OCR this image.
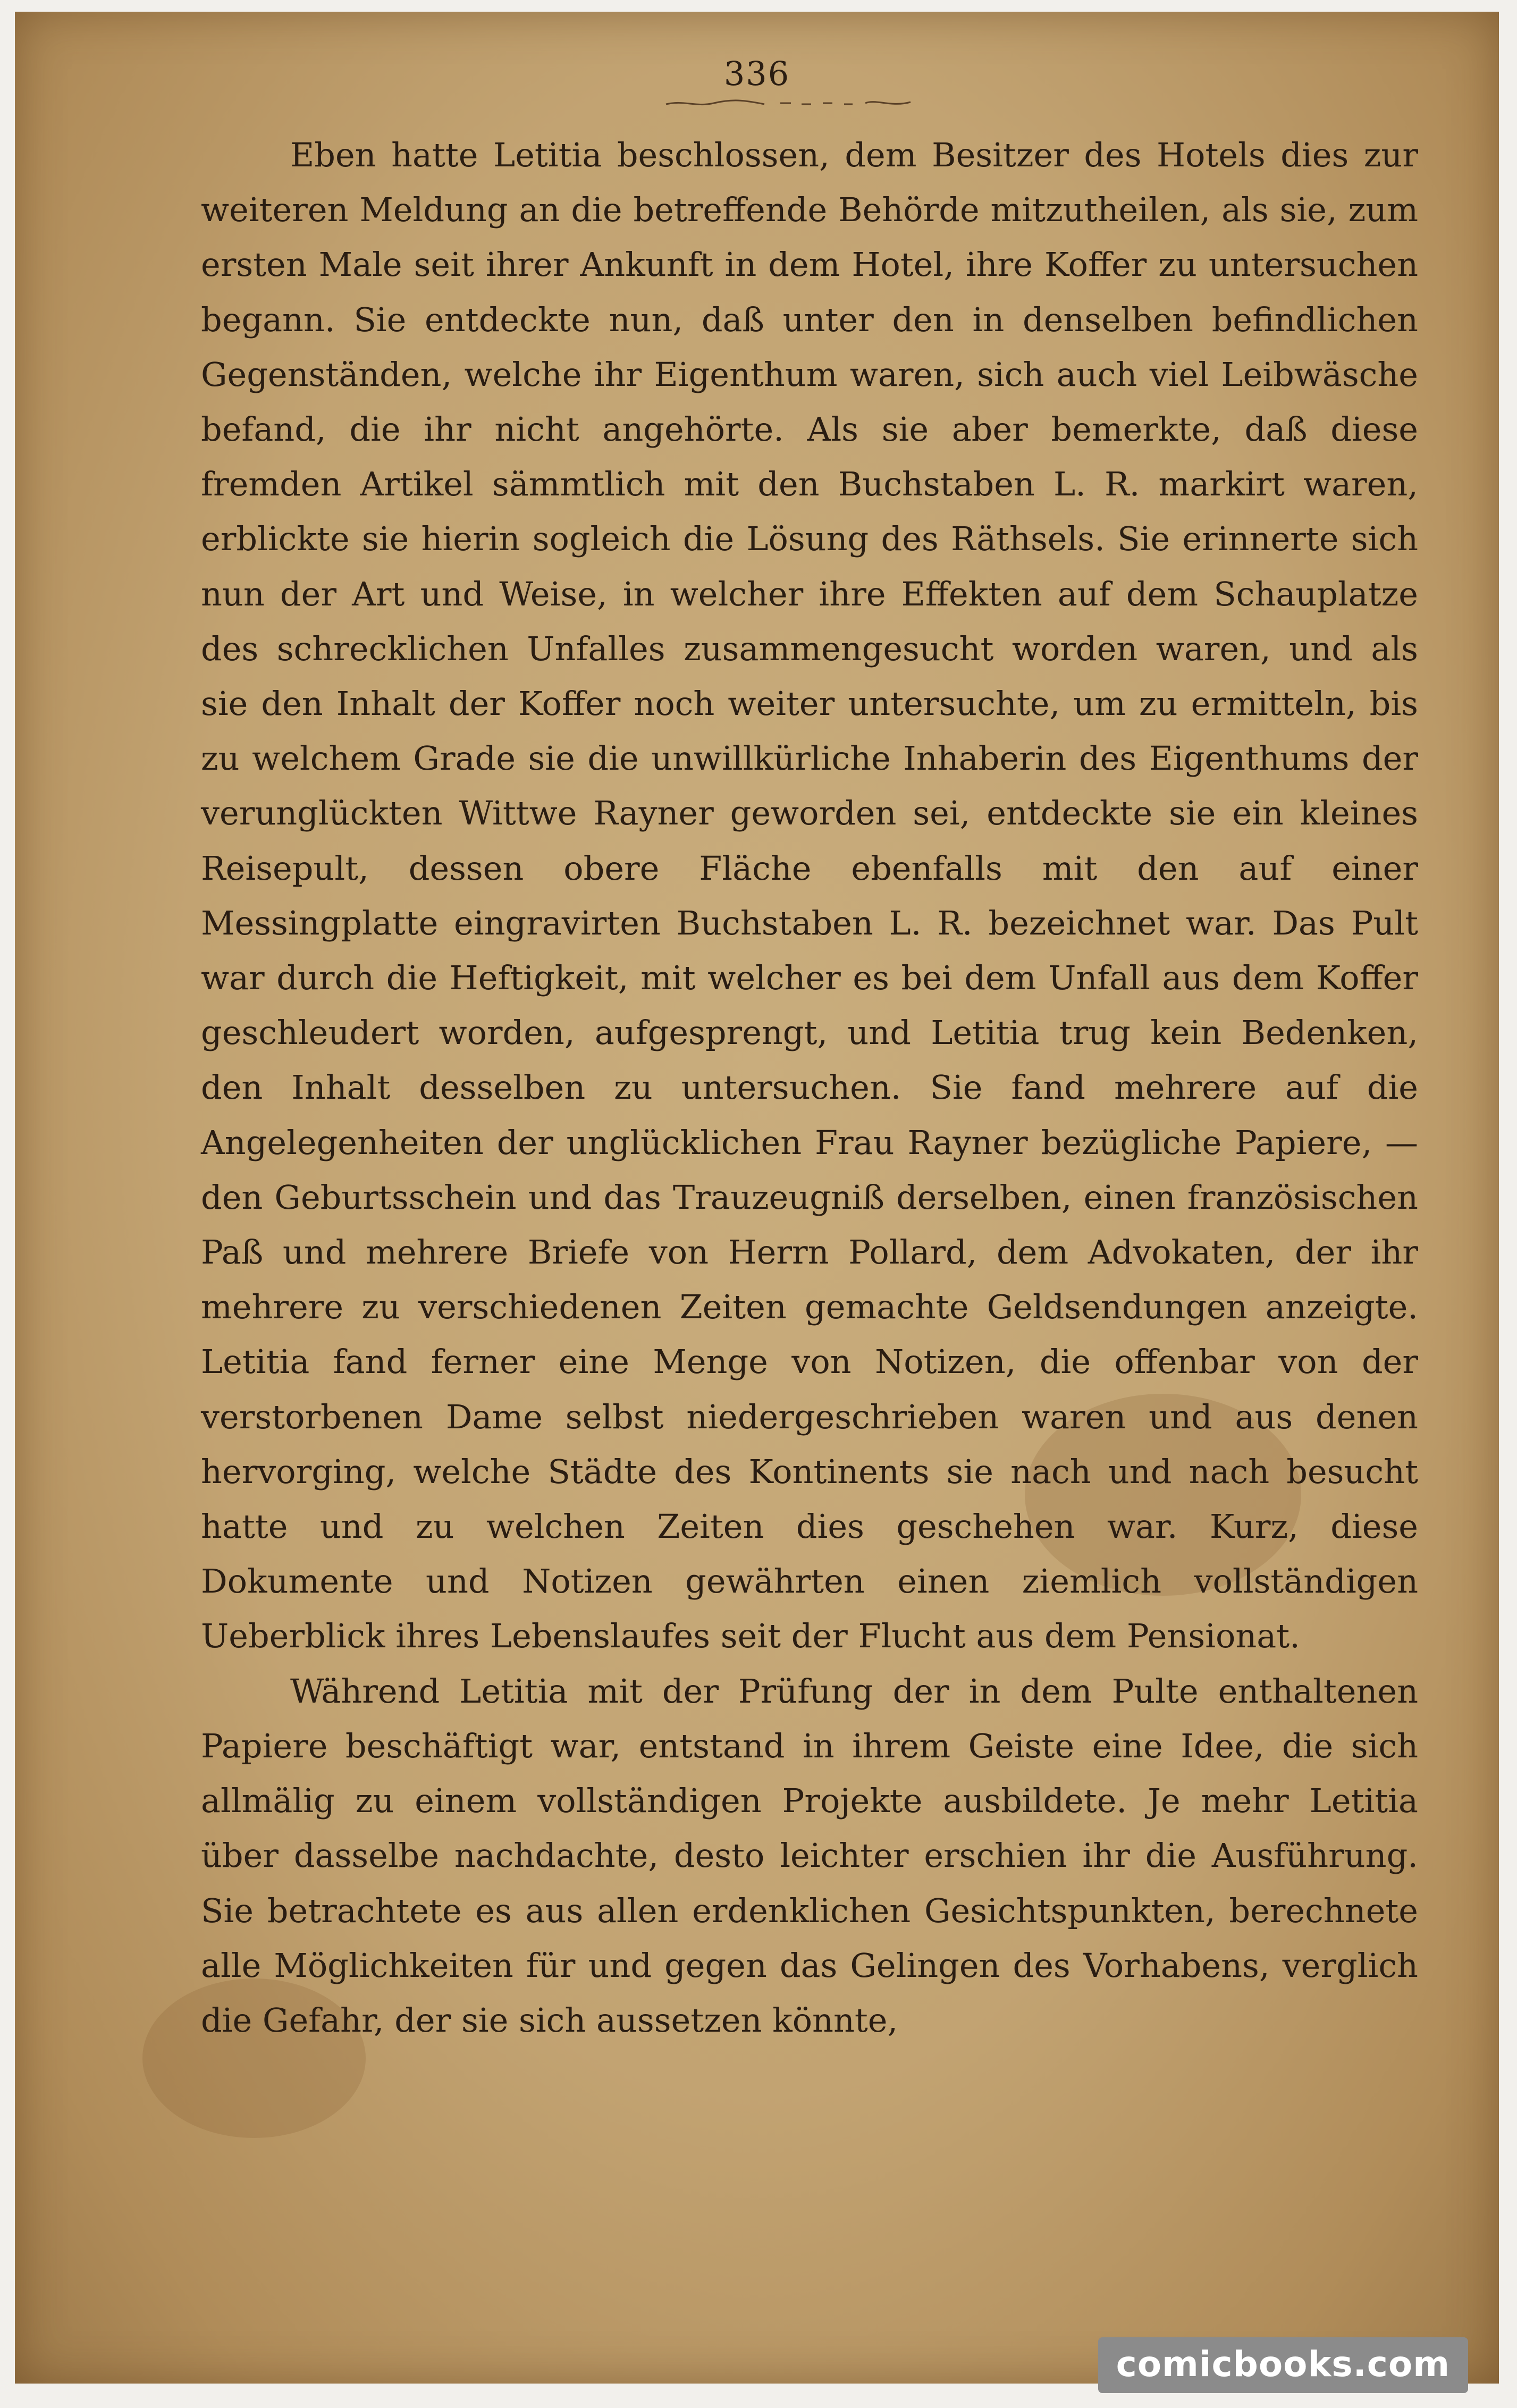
336

Eben hatte Letitia beschlossen, dem Besitzer des Hotels dies zur weiteren Meldung an die betreffende Behörde mitzutheilen, als sie, zum ersten Male seit ihrer Ankunft in dem Hotel, ihre Koffer zu untersuchen begann. Sie entdeckte nun, daß unter den in denselben befindlichen Gegenständen, welche ihr Eigenthum waren, sich auch viel Leibwäsche befand, die ihr nicht angehörte. Als sie aber bemerkte, daß diese fremden Artikel sämmtlich mit den Buchstaben L. R. markirt waren, erblickte sie hierin sogleich die Lösung des Räthsels. Sie erinnerte sich nun der Art und Weise, in welcher ihre Effekten auf dem Schauplatze des schrecklichen Unfalles zusammengesucht worden waren, und als sie den Inhalt der Koffer noch weiter untersuchte, um zu ermitteln, bis zu welchem Grade sie die unwillkürliche Inhaberin des Eigenthums der verunglückten Wittwe Rayner geworden sei, entdeckte sie ein kleines Reisepult, dessen obere Fläche ebenfalls mit den auf einer Messingplatte eingravirten Buchstaben L. R. bezeichnet war. Das Pult war durch die Heftigkeit, mit welcher es bei dem Unfall aus dem Koffer geschleudert worden, aufgesprengt, und Letitia trug kein Bedenken, den Inhalt desselben zu untersuchen. Sie fand mehrere auf die Angelegenheiten der unglücklichen Frau Rayner bezügliche Papiere, — den Geburtsschein und das Trauzeugniß derselben, einen französischen Paß und mehrere Briefe von Herrn Pollard, dem Advokaten, der ihr mehrere zu verschiedenen Zeiten gemachte Geldsendungen anzeigte. Letitia fand ferner eine Menge von Notizen, die offenbar von der verstorbenen Dame selbst niedergeschrieben waren und aus denen hervorging, welche Städte des Kontinents sie nach und nach besucht hatte und zu welchen Zeiten dies geschehen war. Kurz, diese Dokumente und Notizen gewährten einen ziemlich vollständigen Ueberblick ihres Lebenslaufes seit der Flucht aus dem Pensionat.

Während Letitia mit der Prüfung der in dem Pulte enthaltenen Papiere beschäftigt war, entstand in ihrem Geiste eine Idee, die sich allmälig zu einem vollständigen Projekte ausbildete. Je mehr Letitia über dasselbe nachdachte, desto leichter erschien ihr die Ausführung. Sie betrachtete es aus allen erdenklichen Gesichtspunkten, berechnete alle Möglichkeiten für und gegen das Gelingen des Vorhabens, verglich die Gefahr, der sie sich aussetzen könnte,

comicbooks.com
